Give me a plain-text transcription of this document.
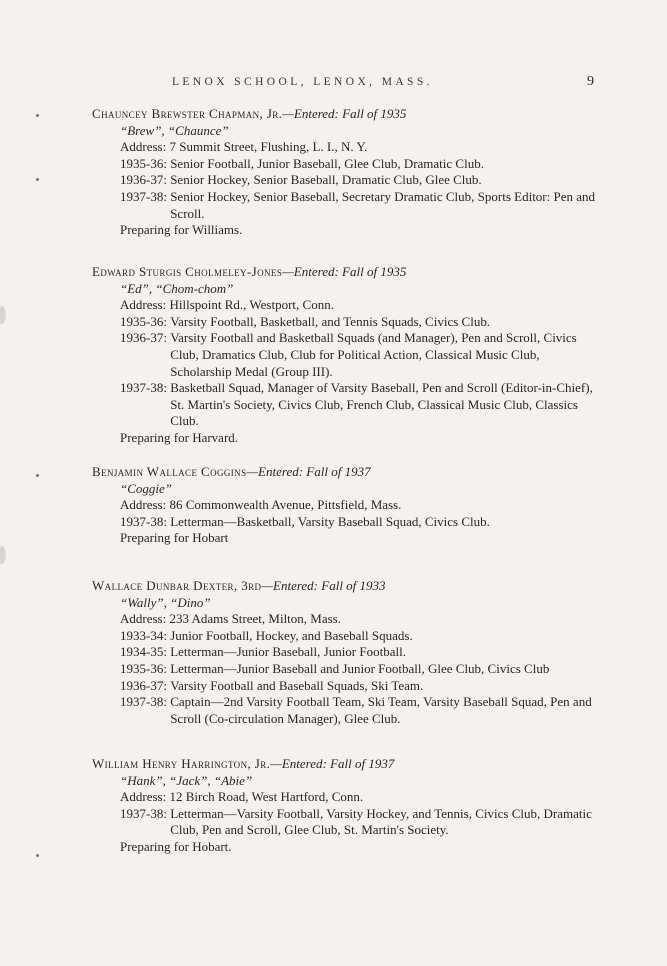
LENOX SCHOOL, LENOX, MASS.	9
Chauncey Brewster Chapman, Jr.—Entered: Fall of 1935
“Brew”, “Chaunce”
Address: 7 Summit Street, Flushing, L. I., N. Y.
1935-36:
Senior Football, Junior Baseball, Glee Club, Dramatic Club.
1936-37:
Senior Hockey, Senior Baseball, Dramatic Club, Glee Club.
1937-38:
Senior Hockey, Senior Baseball, Secretary Dramatic Club, Sports Editor: Pen and Scroll.
Preparing for Williams.
Edward Sturgis Cholmeley-Jones—Entered: Fall of 1935
“Ed”, “Chom-chom”
Address: Hillspoint Rd., Westport, Conn.
1935-36:
Varsity Football, Basketball, and Tennis Squads, Civics Club.
1936-37:
Varsity Football and Basketball Squads (and Manager), Pen and Scroll, Civics Club, Dramatics Club, Club for Political Action, Classical Music Club, Scholarship Medal (Group III).
1937-38:
Basketball Squad, Manager of Varsity Baseball, Pen and Scroll (Editor-in-Chief), St. Martin's Society, Civics Club, French Club, Classical Music Club, Classics Club.
Preparing for Harvard.
Benjamin Wallace Coggins—Entered: Fall of 1937
“Coggie”
Address: 86 Commonwealth Avenue, Pittsfield, Mass.
1937-38:
Letterman—Basketball, Varsity Baseball Squad, Civics Club.
Preparing for Hobart
Wallace Dunbar Dexter, 3rd—Entered: Fall of 1933
“Wally”, “Dino”
Address: 233 Adams Street, Milton, Mass.
1933-34:
Junior Football, Hockey, and Baseball Squads.
1934-35:
Letterman—Junior Baseball, Junior Football.
1935-36:
Letterman—Junior Baseball and Junior Football, Glee Club, Civics Club
1936-37:
Varsity Football and Baseball Squads, Ski Team.
1937-38:
Captain—2nd Varsity Football Team, Ski Team, Varsity Baseball Squad, Pen and Scroll (Co-circulation Manager), Glee Club.
William Henry Harrington, Jr.—Entered: Fall of 1937
“Hank”, “Jack”, “Abie”
Address: 12 Birch Road, West Hartford, Conn.
1937-38:
Letterman—Varsity Football, Varsity Hockey, and Tennis, Civics Club, Dramatic Club, Pen and Scroll, Glee Club, St. Martin's Society.
Preparing for Hobart.
